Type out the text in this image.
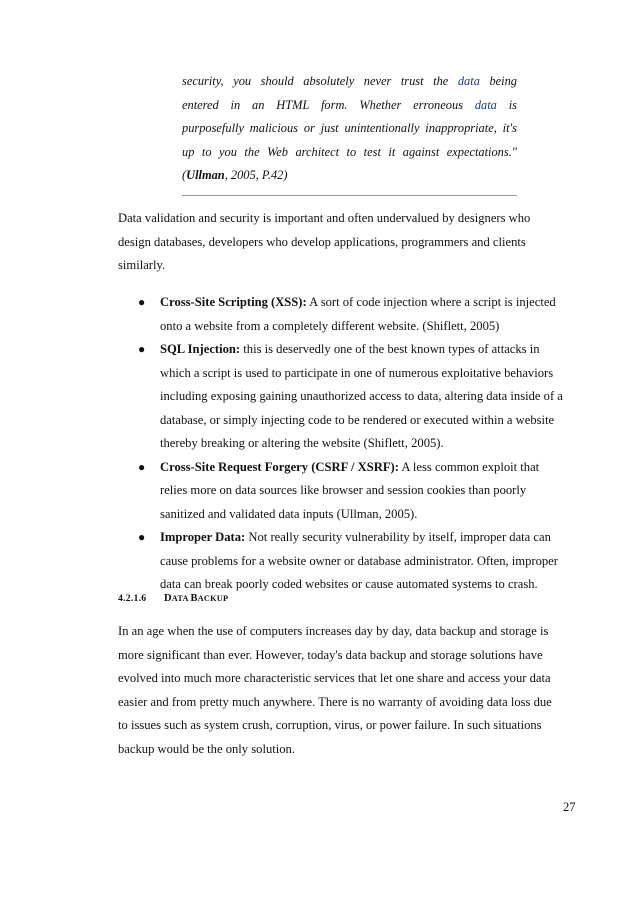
security, you should absolutely never trust the data being
entered in an HTML form. Whether erroneous data is
purposefully malicious or just unintentionally inappropriate, it's
up to you the Web architect to test it against expectations."
(Ullman, 2005, P.42)
Data validation and security is important and often undervalued by designers who
design databases, developers who develop applications, programmers and clients
similarly.
● Cross-Site Scripting (XSS): A sort of code injection where a script is injected
onto a website from a completely different website. (Shiflett, 2005)
● SQL Injection: this is deservedly one of the best known types of attacks in
which a script is used to participate in one of numerous exploitative behaviors
including exposing gaining unauthorized access to data, altering data inside of a
database, or simply injecting code to be rendered or executed within a website
thereby breaking or altering the website (Shiflett, 2005).
● Cross-Site Request Forgery (CSRF / XSRF): A less common exploit that
relies more on data sources like browser and session cookies than poorly
sanitized and validated data inputs (Ullman, 2005).
● Improper Data: Not really security vulnerability by itself, improper data can
cause problems for a website owner or database administrator. Often, improper
data can break poorly coded websites or cause automated systems to crash.
4.2.1.6 DATA BACKUP
In an age when the use of computers increases day by day, data backup and storage is
more significant than ever. However, today's data backup and storage solutions have
evolved into much more characteristic services that let one share and access your data
easier and from pretty much anywhere. There is no warranty of avoiding data loss due
to issues such as system crush, corruption, virus, or power failure. In such situations
backup would be the only solution.
27
